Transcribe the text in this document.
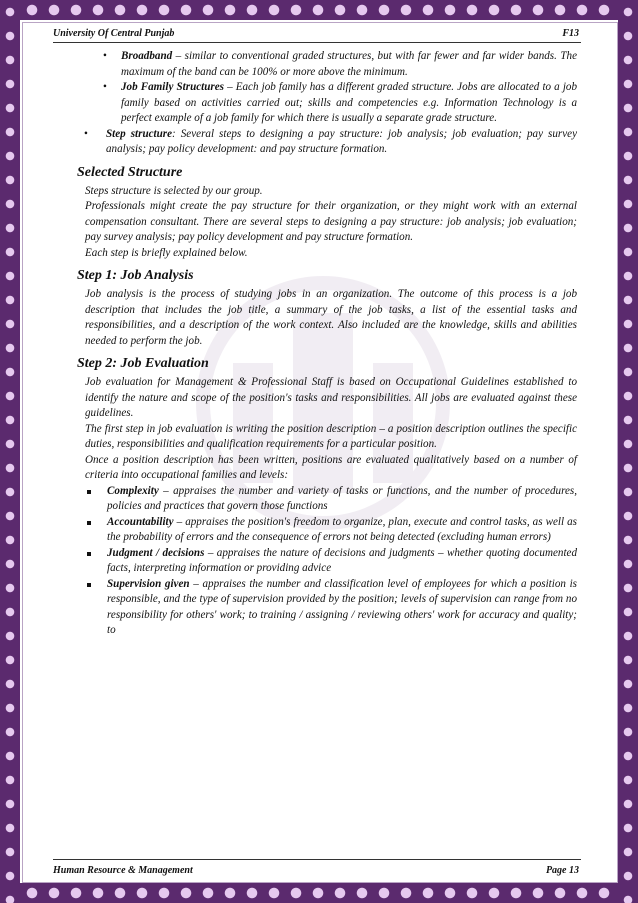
University Of Central Punjab	F13
• Broadband – similar to conventional graded structures, but with far fewer and far wider bands. The maximum of the band can be 100% or more above the minimum.
• Job Family Structures – Each job family has a different graded structure. Jobs are allocated to a job family based on activities carried out; skills and competencies e.g. Information Technology is a perfect example of a job family for which there is usually a separate grade structure.
• Step structure: Several steps to designing a pay structure: job analysis; job evaluation; pay survey analysis; pay policy development: and pay structure formation.
Selected Structure

Steps structure is selected by our group.

Professionals might create the pay structure for their organization, or they might work with an external compensation consultant. There are several steps to designing a pay structure: job analysis; job evaluation; pay survey analysis; pay policy development and pay structure formation.

Each step is briefly explained below.

Step 1: Job Analysis

Job analysis is the process of studying jobs in an organization. The outcome of this process is a job description that includes the job title, a summary of the job tasks, a list of the essential tasks and responsibilities, and a description of the work context. Also included are the knowledge, skills and abilities needed to perform the job.

Step 2: Job Evaluation

Job evaluation for Management & Professional Staff is based on Occupational Guidelines established to identify the nature and scope of the position's tasks and responsibilities. All jobs are evaluated against these guidelines.

The first step in job evaluation is writing the position description – a position description outlines the specific duties, responsibilities and qualification requirements for a particular position.

Once a position description has been written, positions are evaluated qualitatively based on a number of criteria into occupational families and levels:

Complexity – appraises the number and variety of tasks or functions, and the number of procedures, policies and practices that govern those functions
Accountability – appraises the position's freedom to organize, plan, execute and control tasks, as well as the probability of errors and the consequence of errors not being detected (excluding human errors)
Judgment / decisions – appraises the nature of decisions and judgments – whether quoting documented facts, interpreting information or providing advice
Supervision given – appraises the number and classification level of employees for which a position is responsible, and the type of supervision provided by the position; levels of supervision can range from no responsibility for others' work; to training / assigning / reviewing others' work for accuracy and quality; to
Human Resource & Management	Page 13
